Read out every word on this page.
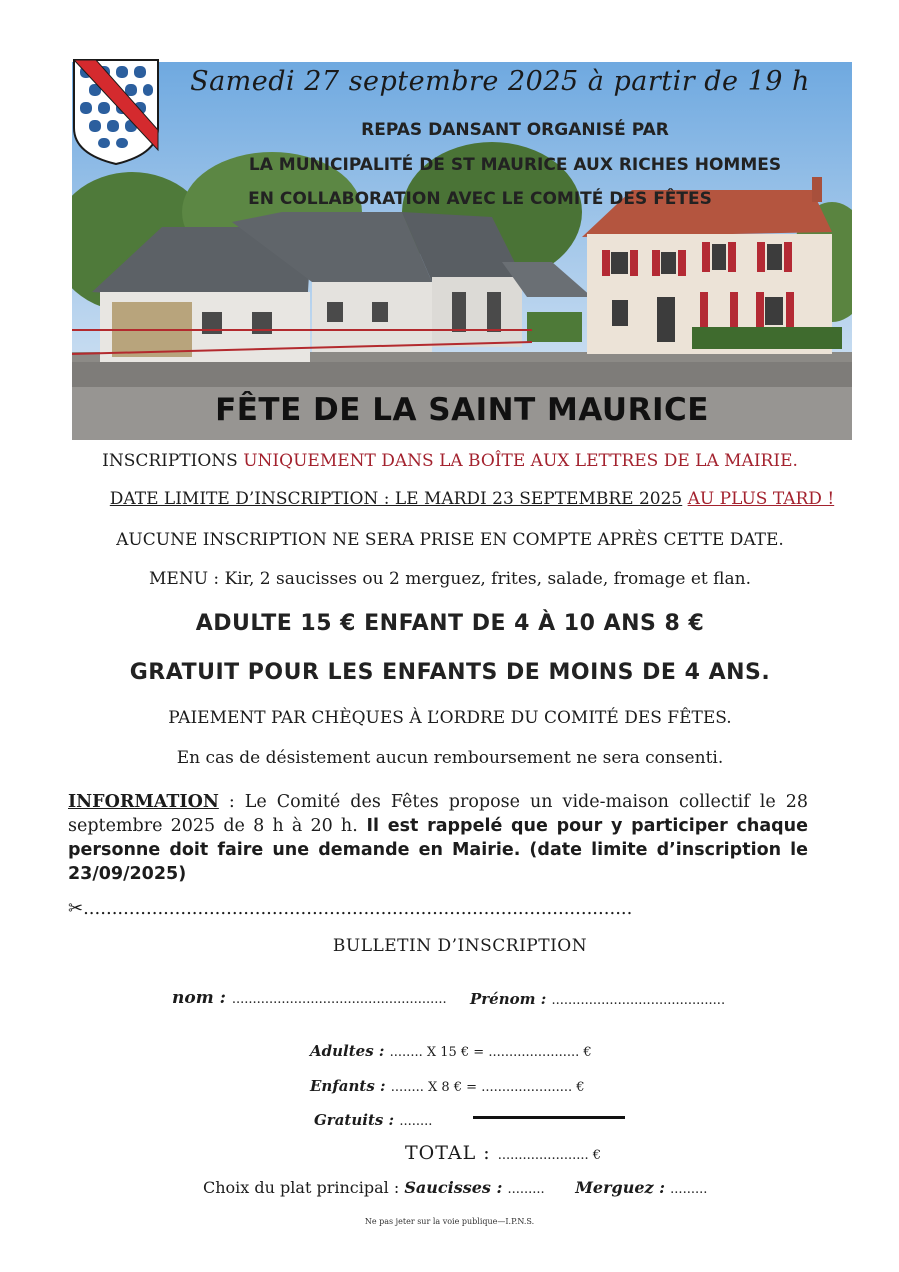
Samedi 27 septembre 2025 à partir de 19 h
REPAS DANSANT ORGANISÉ PAR
LA MUNICIPALITÉ DE ST MAURICE AUX RICHES HOMMES
EN COLLABORATION AVEC LE COMITÉ DES FÊTES
FÊTE DE LA SAINT MAURICE
INSCRIPTIONS UNIQUEMENT DANS LA BOÎTE AUX LETTRES DE LA MAIRIE.
DATE LIMITE D’INSCRIPTION : LE MARDI 23 SEPTEMBRE 2025 AU PLUS TARD !
AUCUNE INSCRIPTION NE SERA PRISE EN COMPTE APRÈS CETTE DATE.
MENU : Kir, 2 saucisses ou 2 merguez, frites, salade, fromage et flan.
ADULTE 15 € ENFANT DE 4 À 10 ANS 8 €
GRATUIT POUR LES ENFANTS DE MOINS DE 4 ANS.
PAIEMENT PAR CHÈQUES À L’ORDRE DU COMITÉ DES FÊTES.
En cas de désistement aucun remboursement ne sera consenti.
INFORMATION : Le Comité des Fêtes propose un vide-maison collectif le 28 septembre 2025 de 8 h à 20 h. Il est rappelé que pour y participer chaque personne doit faire une demande en Mairie. (date limite d’inscription le 23/09/2025)
✂................................................................................................
BULLETIN D’INSCRIPTION
nom : .................................................... Prénom : ..........................................
Adultes : ........ X 15 € = ...................... €
Enfants : ........ X 8 € = ...................... €
Gratuits : ........
TOTAL : ...................... €
Choix du plat principal : Saucisses : ......... Merguez : .........
Ne pas jeter sur la voie publique—I.P.N.S.
